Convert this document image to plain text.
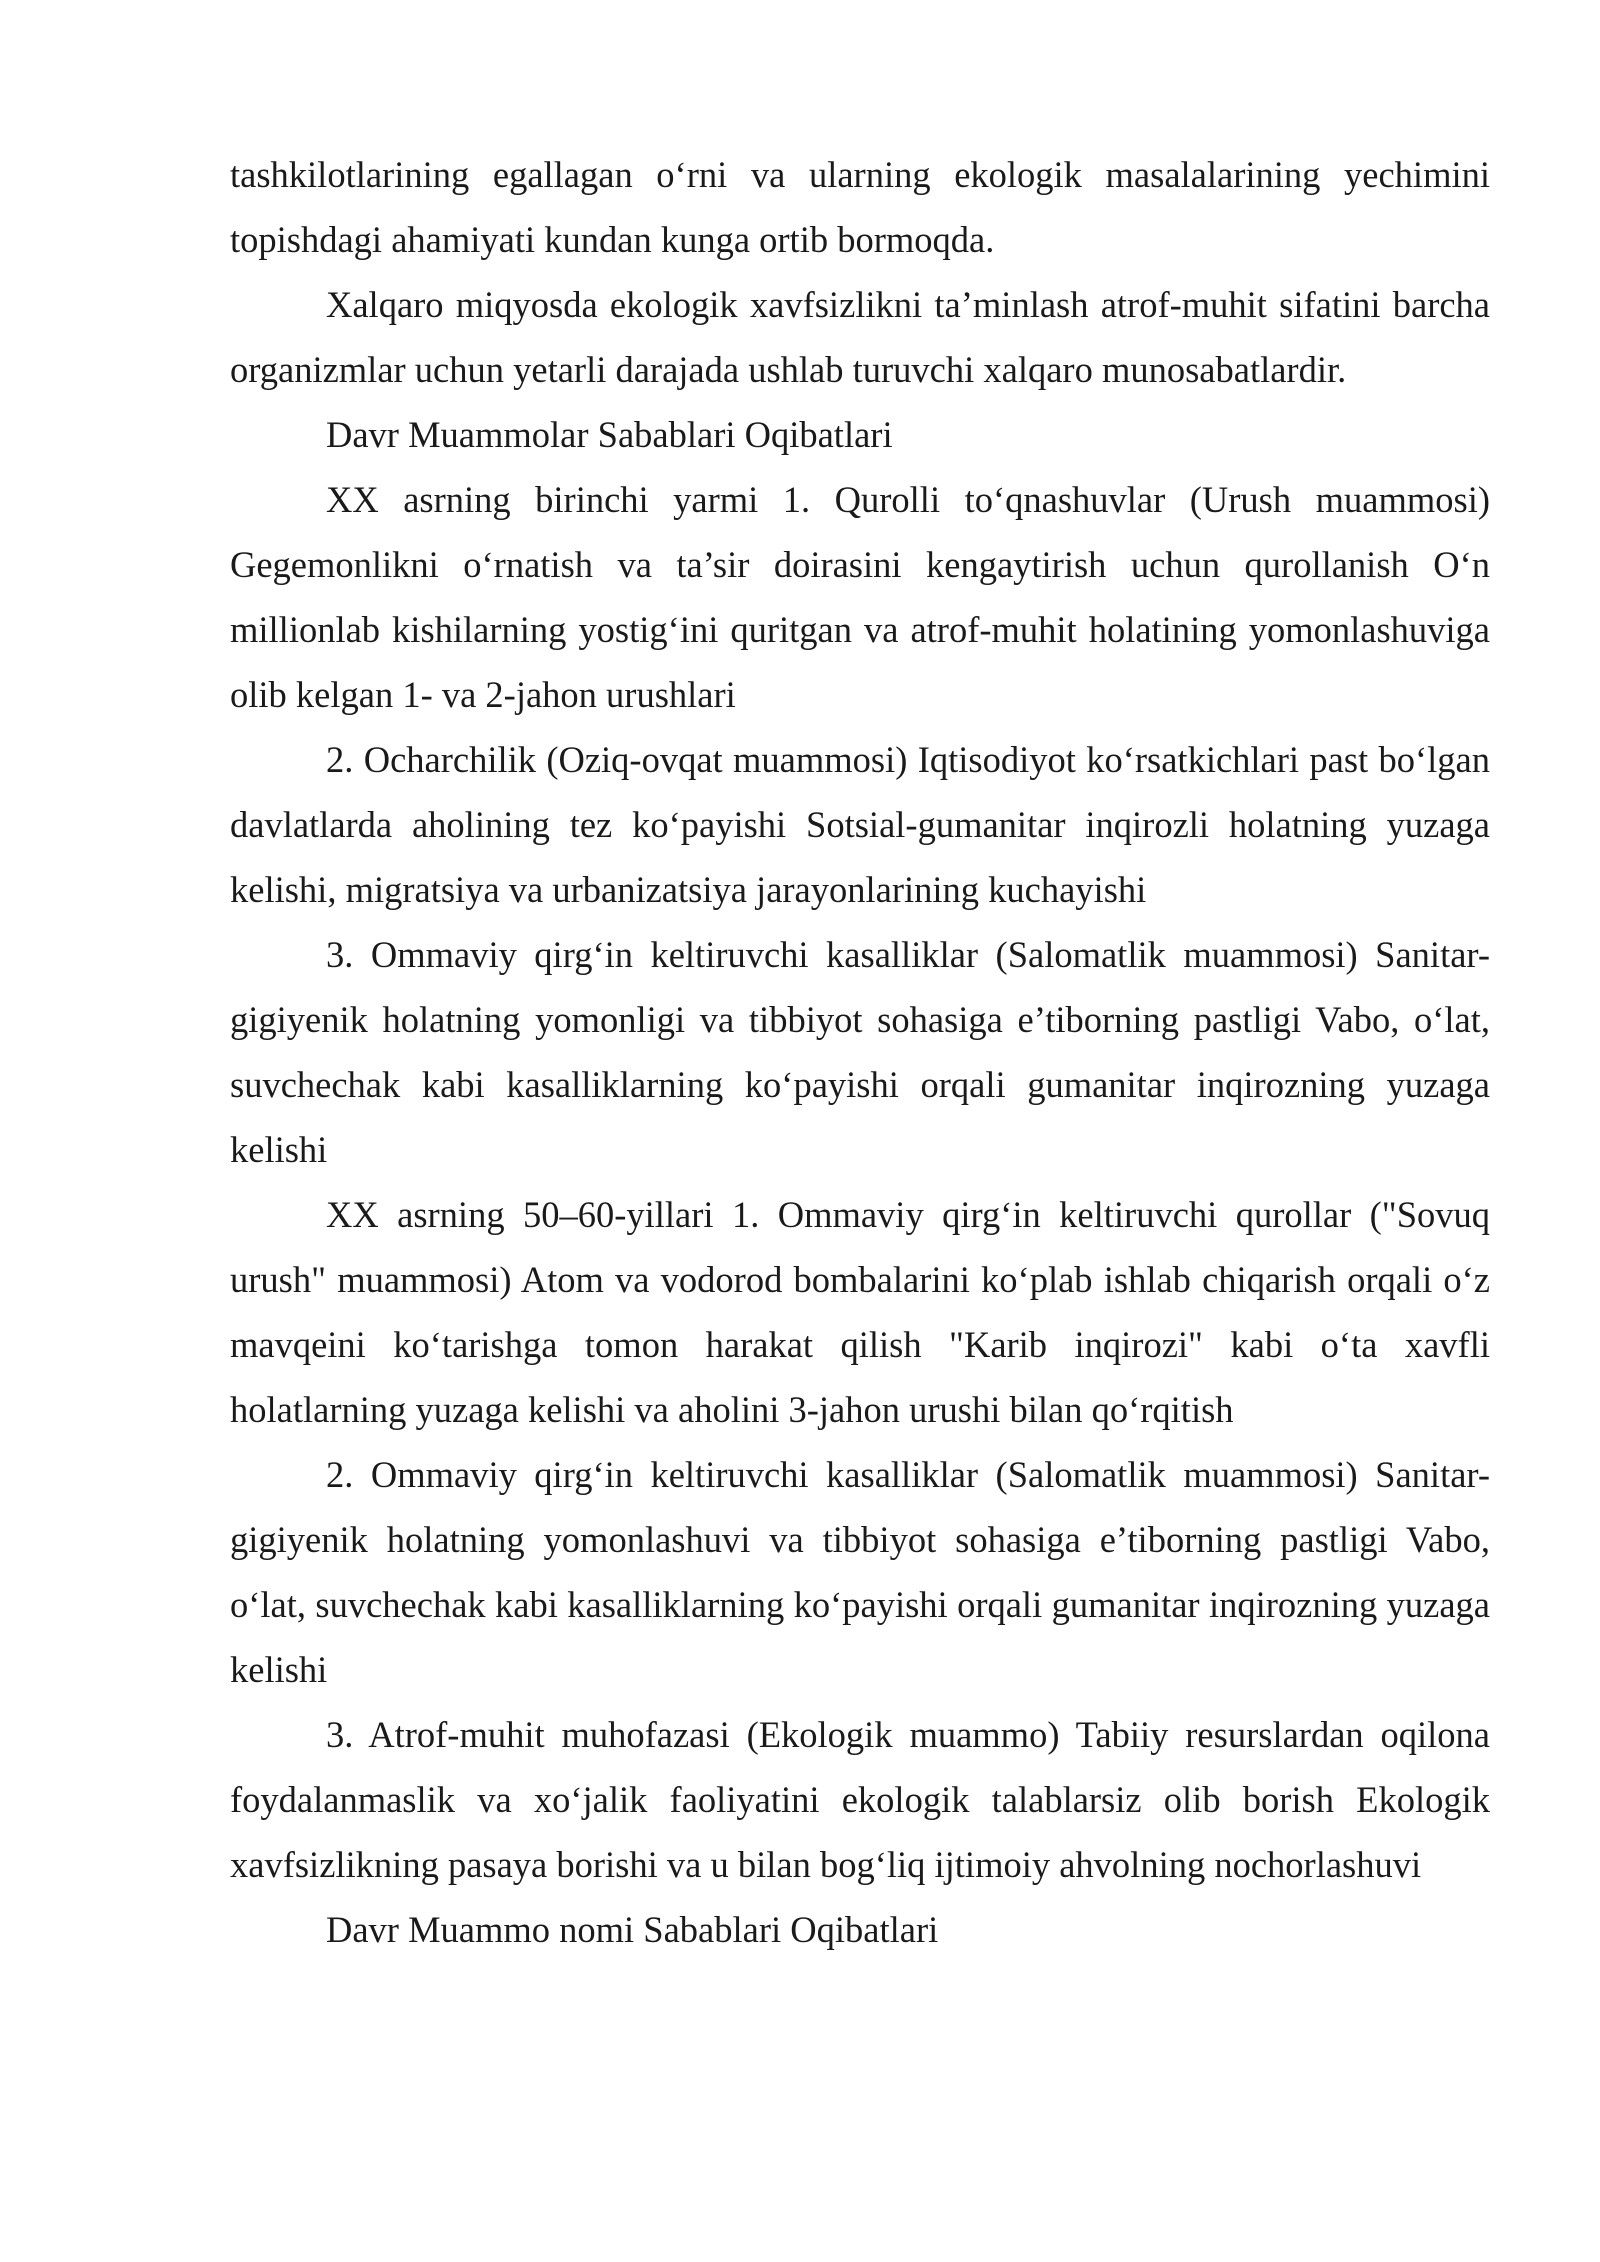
tashkilotlarining egallagan o‘rni va ularning ekologik masalalarining yechimini topishdagi ahamiyati kundan kunga ortib bormoqda.

Xalqaro miqyosda ekologik xavfsizlikni ta’minlash atrof-muhit sifatini barcha organizmlar uchun yetarli darajada ushlab turuvchi xalqaro munosabatlardir.

Davr Muammolar Sabablari Oqibatlari

XX asrning birinchi yarmi 1. Qurolli to‘qnashuvlar (Urush muammosi) Gegemonlikni o‘rnatish va ta’sir doirasini kengaytirish uchun qurollanish O‘n millionlab kishilarning yostig‘ini quritgan va atrof-muhit holatining yomonlashuviga olib kelgan 1- va 2-jahon urushlari

2. Ocharchilik (Oziq-ovqat muammosi) Iqtisodiyot ko‘rsatkichlari past bo‘lgan davlatlarda aholining tez ko‘payishi Sotsial-gumanitar inqirozli holatning yuzaga kelishi, migratsiya va urbanizatsiya jarayonlarining kuchayishi

3. Ommaviy qirg‘in keltiruvchi kasalliklar (Salomatlik muammosi) Sanitar-gigiyenik holatning yomonligi va tibbiyot sohasiga e’tiborning pastligi Vabo, o‘lat, suvchechak kabi kasalliklarning ko‘payishi orqali gumanitar inqirozning yuzaga kelishi

XX asrning 50–60-yillari 1. Ommaviy qirg‘in keltiruvchi qurollar ("Sovuq urush" muammosi) Atom va vodorod bombalarini ko‘plab ishlab chiqarish orqali o‘z mavqeini ko‘tarishga tomon harakat qilish "Karib inqirozi" kabi o‘ta xavfli holatlarning yuzaga kelishi va aholini 3-jahon urushi bilan qo‘rqitish

2. Ommaviy qirg‘in keltiruvchi kasalliklar (Salomatlik muammosi) Sanitar-gigiyenik holatning yomonlashuvi va tibbiyot sohasiga e’tiborning pastligi Vabo, o‘lat, suvchechak kabi kasalliklarning ko‘payishi orqali gumanitar inqirozning yuzaga kelishi

3. Atrof-muhit muhofazasi (Ekologik muammo) Tabiiy resurslardan oqilona foydalanmaslik va xo‘jalik faoliyatini ekologik talablarsiz olib borish Ekologik xavfsizlikning pasaya borishi va u bilan bog‘liq ijtimoiy ahvolning nochorlashuvi

Davr Muammo nomi Sabablari Oqibatlari
